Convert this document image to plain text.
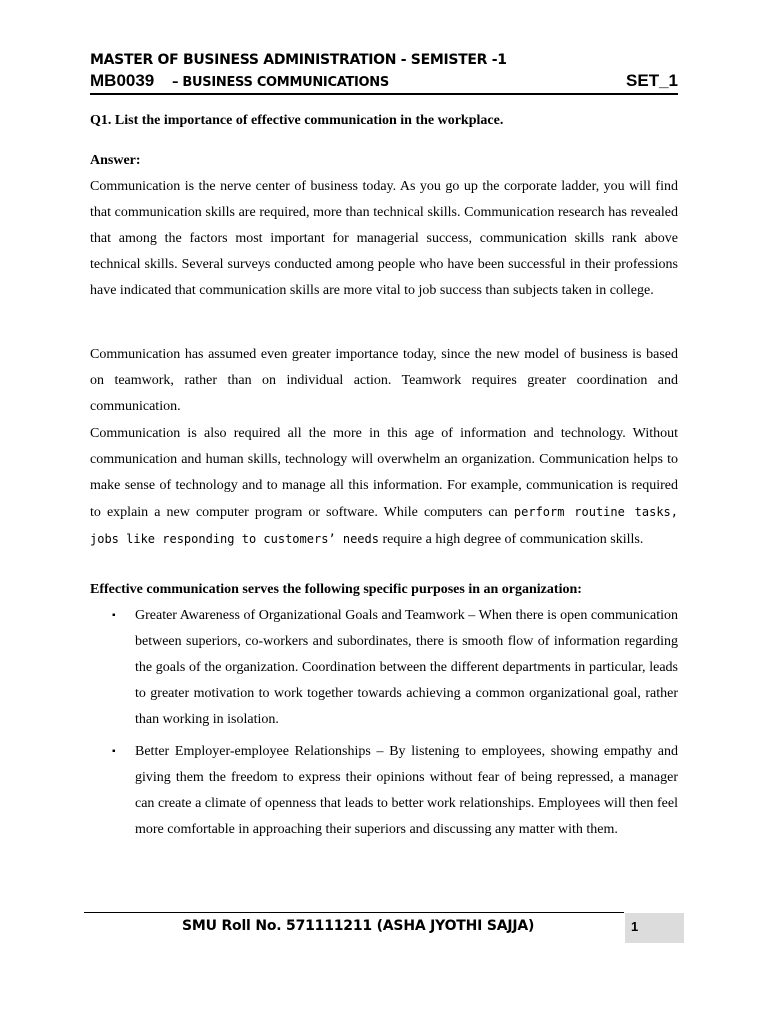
MASTER OF BUSINESS ADMINISTRATION - SEMISTER -1
MB0039 – BUSINESS COMMUNICATIONS	SET_1
Q1. List the importance of effective communication in the workplace.
Answer:
Communication is the nerve center of business today. As you go up the corporate ladder, you will find that communication skills are required, more than technical skills. Communication research has revealed that among the factors most important for managerial success, communication skills rank above technical skills. Several surveys conducted among people who have been successful in their professions have indicated that communication skills are more vital to job success than subjects taken in college.
Communication has assumed even greater importance today, since the new model of business is based on teamwork, rather than on individual action. Teamwork requires greater coordination and communication.
Communication is also required all the more in this age of information and technology. Without communication and human skills, technology will overwhelm an organization. Communication helps to make sense of technology and to manage all this information. For example, communication is required to explain a new computer program or software. While computers can perform routine tasks, jobs like responding to customers’ needs require a high degree of communication skills.
Effective communication serves the following specific purposes in an organization:
▪ Greater Awareness of Organizational Goals and Teamwork – When there is open communication between superiors, co-workers and subordinates, there is smooth flow of information regarding the goals of the organization. Coordination between the different departments in particular, leads to greater motivation to work together towards achieving a common organizational goal, rather than working in isolation.
▪ Better Employer-employee Relationships – By listening to employees, showing empathy and giving them the freedom to express their opinions without fear of being repressed, a manager can create a climate of openness that leads to better work relationships. Employees will then feel more comfortable in approaching their superiors and discussing any matter with them.
SMU Roll No. 571111211 (ASHA JYOTHI SAJJA)	1
